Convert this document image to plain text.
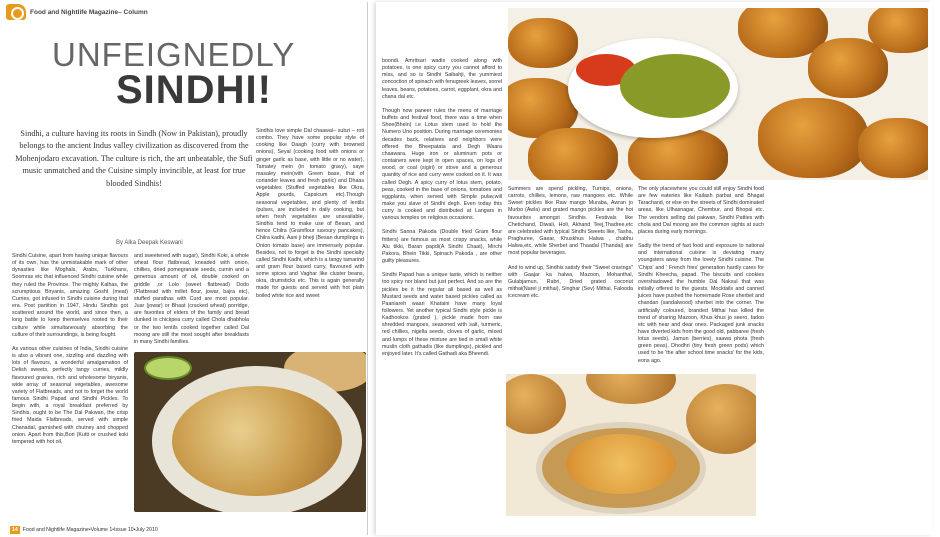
Food and Nightlife Magazine– Column
UNFEIGNEDLY
SINDHI!
Sindhi, a culture having its roots in Sindh (Now in Pakistan), proudly belongs to the ancient Indus valley civilization as discovered from the Mohenjodaro excavation. The culture is rich, the art unbeatable, the Sufi music unmatched and the Cuisine simply invincible, at least for true blooded Sindhis!
By Alka Deepak Keswani

Sindhi Cuisine, apart from having unique flavours of its own, has the unmistakable mark of other dynasties like Moghals, Arabs, Turkhans, Soomras etc that influenced Sindhi cuisine while they ruled the Province. The mighty Kalhas, the scrumptious Biryanis, amazing Gosht (meat) Curries, got infused in Sindhi cuisine during that era. Post partition in 1947, Hindu Sindhis got scattered around the world, and since then, a long battle to keep themselves rooted to their culture while simultaneously absorbing the culture of their surroundings, is being fought.

As various other cuisines of India, Sindhi cuisine is also a vibrant one, sizzling and dazzling with lots of flavours, a wonderful amalgamation of Delish sweets, perfectly tangy curries, mildly flavoured gravies, rich and wholesome biryanis, wide array of seasonal vegetables, awesome variety of Flatbreads, and not to forget the world famous Sindhi Papad and Sindhi Pickles. To begin with, a royal breakfast preferred by Sindhis, ought to be The Dal Pakwan, the crisp fried Maida Flatbreads, served with simple Chanadal, garnished with chutney and chopped onion. Apart from this,Bori (Kutti or crushed koki tempered with hot oil,

and sweetened with sugar), Sindhi Koki, a whole wheat flour flatbread, kneaded with onion, chillies, dried pomegranate seeds, cumin and a generous amount of oil, double cooked on griddle ,or Lolo (sweet flatbread) Dodo (Flatbread with millet flour, jowar, bajra etc), stuffed parathas with Curd are most popular. Juar (jowar) or Bhaat (cracked wheat) porridge, are favorites of elders of the family and bread dunked in chickpea curry called Chola dhabhola or the two lentils cooked together called Dal moong are still the most sought after breakfasts in many Sindhi families.

Sindhis love simple Dal chaawal– subzi – roti combo. They have some popular style of cooking like Daagh (curry with browned onions), Seyal (cooking food with onions or ginger garlic as base, with little or no water), Tamatey mein (in tomato gravy), saye masaley mein(with Green base, that of coriander leaves and fresh garlic) and Dhaas vegetables (Stuffed vegetables like Okra, Apple gourds, Capsicum etc).Though seasonal vegetables, and plenty of lentils /pulses, are included in daily cooking, but when fresh vegetables are unavailable, Sindhis tend to make use of Besan, and hence Chilra (Gramflour savoury pancakes), Chilra kadhi, Aani ji bheji (Besan dumplings in Onion tomato base) are immensely popular. Besides, not to forget is the Sindhi specialty called Sindhi Kadhi, which is a tangy tamarind and gram flour based curry, flavoured with some spices and Vaghar like cluster beans, okra, drumsticks etc. This is again generally made for guests and served with hot plain boiled white rice and sweet

14 Food and Nightlife Magazine•Volume 1•Issue 10•July 2010

boondi. Amritsari wadis cooked along with potatoes, is one spicy curry you cannot afford to miss, and so is Sindhi Saibahji, the yummiest concoction of spinach with fenugreek leaves, sorrel leaves, beans, potatoes, carrot, eggplant, okra and chana dal etc.

Though now paneer rules the menu of marriage buffets and festival food, there was a time when Shee(Bhein) i.e Lotus stem used to hold the Numero Uno position. During marriage ceremonies decades back, relatives and neighbors were offered the Bheepatata and Degh Waara chaawara. Huge iron or aluminum pots or containers were kept in open spaces, on logs of wood, or coal (sigiri) or stove and a generous quantity of rice and curry were cooked on it. It was called Degh. A spicy curry of lotus stem, potato, peas, cooked in the base of onions, tomatoes and eggplants, when served with Simple pulav,will make you slave of Sindhi degh. Even today this curry is cooked and distributed at Langars in various temples on religious occasions.

Sindhi Sanna Pakoda (Double fried Gram flour fritters) are famous as most crispy snacks, while Alu tikki, Baran papdi(A Sindhi Chaat), Mirchi Pakora, Bhein Tikki, Spinach Pakoda , are other guilty pleasures.

Sindhi Papad has a unique taste, which is neither too spicy nor bland but just perfect. And so are the pickles be it the regular all based as well as Mustard seeds and water based pickles called as Paaniareh waari Khataini have many loyal followers. Yet another typical Sindhi style pickle is Kadhookos (grated ), pickle made from raw shredded mangoes, seasoned with salt, turmeric, red chillies, nigella seeds, cloves of garlic, mixed and lumps of these mixture are tied in small white muslin cloth gathadis (like dumplings), pickled and enjoyed later. It's called Gathadi aka Bheendi.

Summers are spend pickling, Turnips, onions, carrots, chillies, lemons, raw mangoes etc. While Sweet pickles like Raw mango Muraba, Awran jo Murbo (Awla) and grated mango pickles are the hot favourites amongst Sindhis. Festivals like Chetichand, Diwali, Holi, Akhand Teej,Thadree,etc are celebrated with typical Sindhi Sweets like, Tasha, Praghuree, Gaear, Khuskhus Halwa , chabhu Halwa,etc, while Sherbet and Thaadal (Thandai) are most popular beverages.

And to wind up, Sindhis satisfy their "Sweet cravings" with Gaajar ka halwa, Mazoon, Mohanthal, Gulabjamun, Rabri, Dried grated coconut mithai(Narel ji mithai), Singhar (Sev) Mithai, Falooda icecream etc.

The only placewhere you could still enjoy Sindhi food are few eateries like Kailash parbat and Bhagat Tarachand, or else on the streets of Sindhi dominated areas, like Ulhasnagar, Chembur, and Bhopal etc. The vendors selling dal pakwan, Sindhi Patties with chola and Dal moong are the common sights at such places during early mornings.

Sadly the trend of fast food and exposure to national and international cuisine is deviating many youngsters away from the lovely Sindhi cuisine. The 'Chips' and ' French fries' generation hardly cares for Sindhi Kheecha, papad. The biscuits and cookies overshadowed the humble Dal Naksul that was initially offered to the guests. Mocktails and canned juices have pushed the homemade Rose sherbet and chandan (sandalwood) sherbet into the corner. The artificially coloured, branded Mithai has killed the trend of sharing Mazoon, Khus khus jo seero, fadoo etc with near and dear ones. Packaged junk snacks have diverted kids from the good old, pabbaree (fresh lotus seeds), Jamun (berries), saawa phota (fresh green peas), Dhodhri (tiny fresh green pods) which used to be 'the after school time snacks' for the kids, eons ago.
